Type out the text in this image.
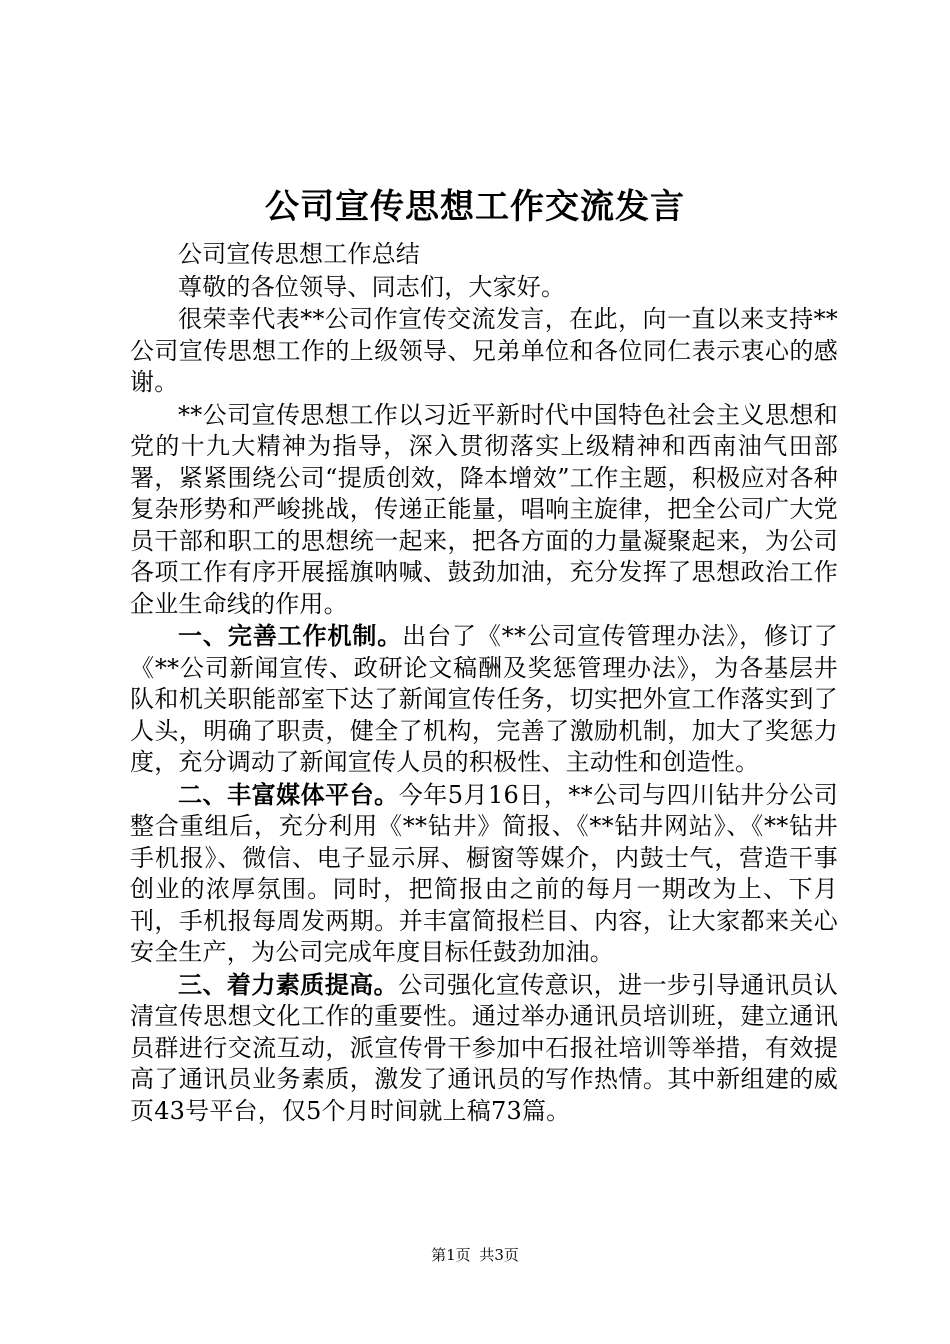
公司宣传思想工作交流发言

公司宣传思想工作总结

尊敬的各位领导、同志们，大家好。

很荣幸代表**公司作宣传交流发言，在此，向一直以来支持**公司宣传思想工作的上级领导、兄弟单位和各位同仁表示衷心的感谢。

**公司宣传思想工作以习近平新时代中国特色社会主义思想和党的十九大精神为指导，深入贯彻落实上级精神和西南油气田部署，紧紧围绕公司“提质创效，降本增效”工作主题，积极应对各种复杂形势和严峻挑战，传递正能量，唱响主旋律，把全公司广大党员干部和职工的思想统一起来，把各方面的力量凝聚起来，为公司各项工作有序开展摇旗呐喊、鼓劲加油，充分发挥了思想政治工作企业生命线的作用。

一、完善工作机制。出台了《**公司宣传管理办法》，修订了《**公司新闻宣传、政研论文稿酬及奖惩管理办法》，为各基层井队和机关职能部室下达了新闻宣传任务，切实把外宣工作落实到了人头，明确了职责，健全了机构，完善了激励机制，加大了奖惩力度，充分调动了新闻宣传人员的积极性、主动性和创造性。

二、丰富媒体平台。今年5月16日，**公司与四川钻井分公司整合重组后，充分利用《**钻井》简报、《**钻井网站》、《**钻井手机报》、微信、电子显示屏、橱窗等媒介，内鼓士气，营造干事创业的浓厚氛围。同时，把简报由之前的每月一期改为上、下月刊，手机报每周发两期。并丰富简报栏目、内容，让大家都来关心安全生产，为公司完成年度目标任鼓劲加油。

三、着力素质提高。公司强化宣传意识，进一步引导通讯员认清宣传思想文化工作的重要性。通过举办通讯员培训班，建立通讯员群进行交流互动，派宣传骨干参加中石报社培训等举措，有效提高了通讯员业务素质，激发了通讯员的写作热情。其中新组建的威页43号平台，仅5个月时间就上稿73篇。

第1页 共3页
